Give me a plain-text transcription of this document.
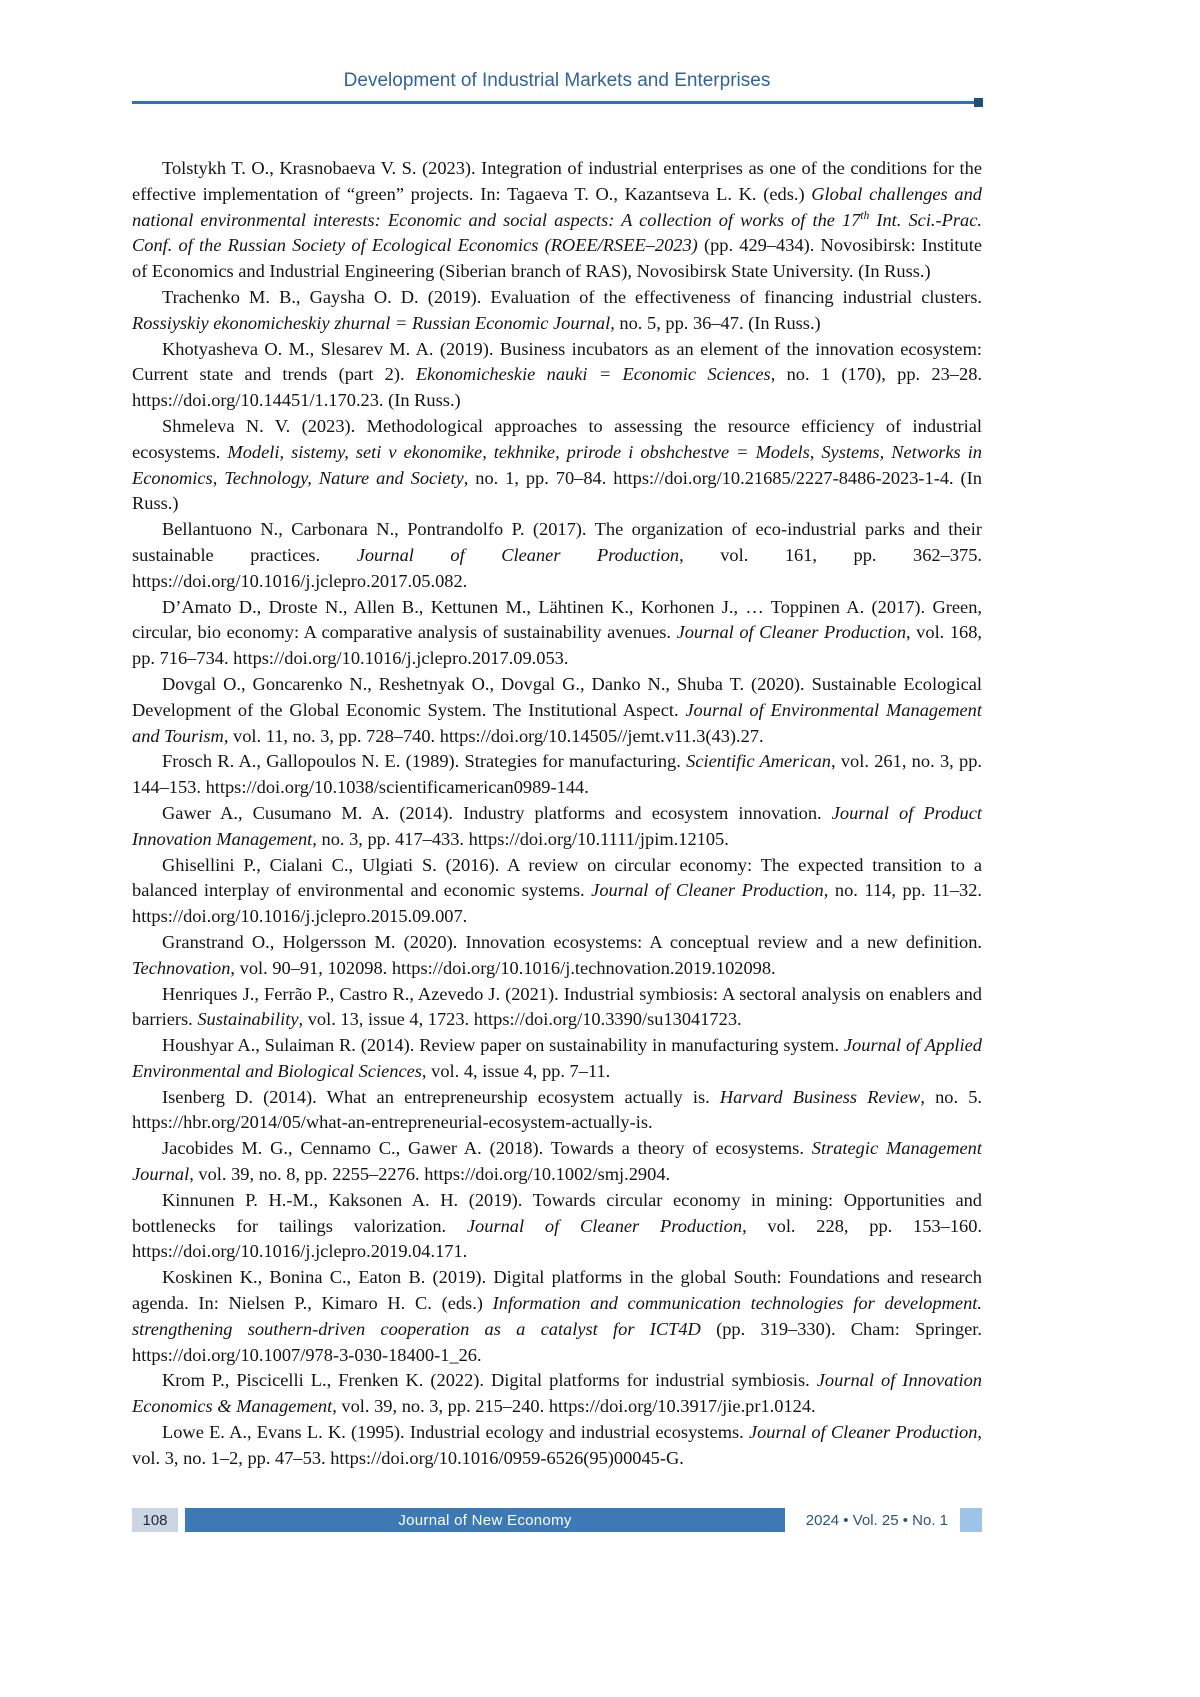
Development of Industrial Markets and Enterprises

Tolstykh T. O., Krasnobaeva V. S. (2023). Integration of industrial enterprises as one of the conditions for the effective implementation of “green” projects. In: Tagaeva T. O., Kazantseva L. K. (eds.) Global challenges and national environmental interests: Economic and social aspects: A collection of works of the 17th Int. Sci.-Prac. Conf. of the Russian Society of Ecological Economics (ROEE/RSEE–2023) (pp. 429–434). Novosibirsk: Institute of Economics and Industrial Engineering (Siberian branch of RAS), Novosibirsk State University. (In Russ.)

Trachenko M. B., Gaysha O. D. (2019). Evaluation of the effectiveness of financing industrial clusters. Rossiyskiy ekonomicheskiy zhurnal = Russian Economic Journal, no. 5, pp. 36–47. (In Russ.)

Khotyasheva O. M., Slesarev M. A. (2019). Business incubators as an element of the innovation ecosystem: Current state and trends (part 2). Ekonomicheskie nauki = Economic Sciences, no. 1 (170), pp. 23–28. https://doi.org/10.14451/1.170.23. (In Russ.)

Shmeleva N. V. (2023). Methodological approaches to assessing the resource efficiency of industrial ecosystems. Modeli, sistemy, seti v ekonomike, tekhnike, prirode i obshchestve = Models, Systems, Networks in Economics, Technology, Nature and Society, no. 1, pp. 70–84. https://doi.org/10.21685/2227-8486-2023-1-4. (In Russ.)

Bellantuono N., Carbonara N., Pontrandolfo P. (2017). The organization of eco-industrial parks and their sustainable practices. Journal of Cleaner Production, vol. 161, pp. 362–375. https://doi.org/10.1016/j.jclepro.2017.05.082.

D’Amato D., Droste N., Allen B., Kettunen M., Lähtinen K., Korhonen J., … Toppinen A. (2017). Green, circular, bio economy: A comparative analysis of sustainability avenues. Journal of Cleaner Production, vol. 168, pp. 716–734. https://doi.org/10.1016/j.jclepro.2017.09.053.

Dovgal O., Goncarenko N., Reshetnyak O., Dovgal G., Danko N., Shuba T. (2020). Sustainable Ecological Development of the Global Economic System. The Institutional Aspect. Journal of Environmental Management and Tourism, vol. 11, no. 3, pp. 728–740. https://doi.org/10.14505//jemt.v11.3(43).27.

Frosch R. A., Gallopoulos N. E. (1989). Strategies for manufacturing. Scientific American, vol. 261, no. 3, pp. 144–153. https://doi.org/10.1038/scientificamerican0989-144.

Gawer A., Cusumano M. A. (2014). Industry platforms and ecosystem innovation. Journal of Product Innovation Management, no. 3, pp. 417–433. https://doi.org/10.1111/jpim.12105.

Ghisellini P., Cialani C., Ulgiati S. (2016). A review on circular economy: The expected transition to a balanced interplay of environmental and economic systems. Journal of Cleaner Production, no. 114, pp. 11–32. https://doi.org/10.1016/j.jclepro.2015.09.007.

Granstrand O., Holgersson M. (2020). Innovation ecosystems: A conceptual review and a new definition. Technovation, vol. 90–91, 102098. https://doi.org/10.1016/j.technovation.2019.102098.

Henriques J., Ferrão P., Castro R., Azevedo J. (2021). Industrial symbiosis: A sectoral analysis on enablers and barriers. Sustainability, vol. 13, issue 4, 1723. https://doi.org/10.3390/su13041723.

Houshyar A., Sulaiman R. (2014). Review paper on sustainability in manufacturing system. Journal of Applied Environmental and Biological Sciences, vol. 4, issue 4, pp. 7–11.

Isenberg D. (2014). What an entrepreneurship ecosystem actually is. Harvard Business Review, no. 5. https://hbr.org/2014/05/what-an-entrepreneurial-ecosystem-actually-is.

Jacobides M. G., Cennamo C., Gawer A. (2018). Towards a theory of ecosystems. Strategic Management Journal, vol. 39, no. 8, pp. 2255–2276. https://doi.org/10.1002/smj.2904.

Kinnunen P. H.-M., Kaksonen A. H. (2019). Towards circular economy in mining: Opportunities and bottlenecks for tailings valorization. Journal of Cleaner Production, vol. 228, pp. 153–160. https://doi.org/10.1016/j.jclepro.2019.04.171.

Koskinen K., Bonina C., Eaton B. (2019). Digital platforms in the global South: Foundations and research agenda. In: Nielsen P., Kimaro H. C. (eds.) Information and communication technologies for development. strengthening southern-driven cooperation as a catalyst for ICT4D (pp. 319–330). Cham: Springer. https://doi.org/10.1007/978-3-030-18400-1_26.

Krom P., Piscicelli L., Frenken K. (2022). Digital platforms for industrial symbiosis. Journal of Innovation Economics & Management, vol. 39, no. 3, pp. 215–240. https://doi.org/10.3917/jie.pr1.0124.

Lowe E. A., Evans L. K. (1995). Industrial ecology and industrial ecosystems. Journal of Cleaner Production, vol. 3, no. 1–2, pp. 47–53. https://doi.org/10.1016/0959-6526(95)00045-G.

108	Journal of New Economy	2024 • Vol. 25 • No. 1
